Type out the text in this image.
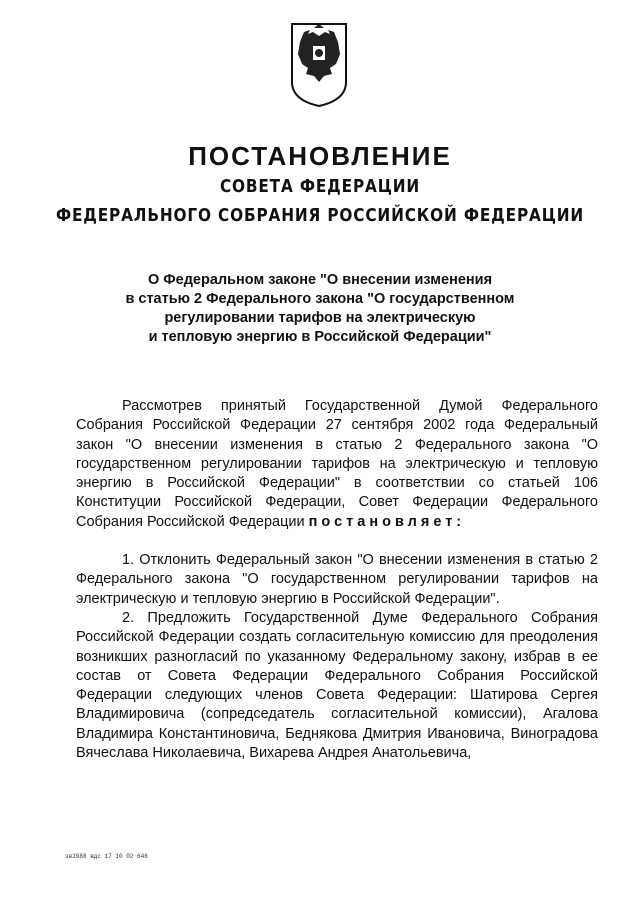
ПОСТАНОВЛЕНИЕ
СОВЕТА ФЕДЕРАЦИИ
ФЕДЕРАЛЬНОГО СОБРАНИЯ РОССИЙСКОЙ ФЕДЕРАЦИИ
О Федеральном законе "О внесении изменения
в статью 2 Федерального закона "О государственном
регулировании тарифов на электрическую
и тепловую энергию в Российской Федерации"
Рассмотрев принятый Государственной Думой Федерального Собрания Российской Федерации 27 сентября 2002 года Федеральный закон "О внесении изменения в статью 2 Федерального закона "О государственном регулировании тарифов на электрическую и тепловую энергию в Российской Федерации" в соответствии со статьей 106 Конституции Российской Федерации, Совет Федерации Федерального Собрания Российской Федерации постановляет:
1. Отклонить Федеральный закон "О внесении изменения в статью 2 Федерального закона "О государственном регулировании тарифов на электрическую и тепловую энергию в Российской Федерации".
2. Предложить Государственной Думе Федерального Собрания Российской Федерации создать согласительную комиссию для преодоления возникших разногласий по указанному Федеральному закону, избрав в ее состав от Совета Федерации Федерального Собрания Российской Федерации следующих членов Совета Федерации: Шатирова Сергея Владимировича (сопредседатель согласительной комиссии), Агалова Владимира Константиновича, Беднякова Дмитрия Ивановича, Виноградова Вячеслава Николаевича, Вихарева Андрея Анатольевича,
зв1988 вдс 17 10 02 646
